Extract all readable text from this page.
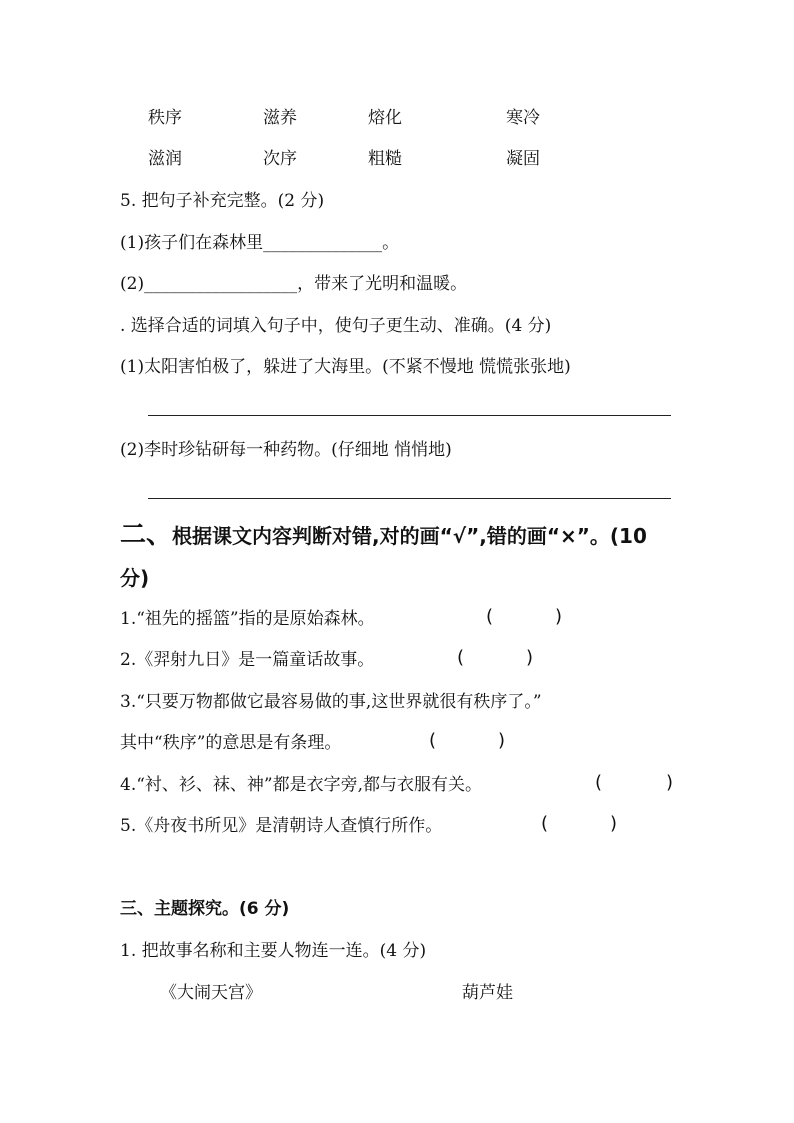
秩序	滋养	熔化	寒冷
滋润	次序	粗糙	凝固
5. 把句子补充完整。(2 分)
(1)孩子们在森林里______________。
(2)__________________，带来了光明和温暖。
. 选择合适的词填入句子中，使句子更生动、准确。(4 分)
(1)太阳害怕极了，躲进了大海里。(不紧不慢地 慌慌张张地)
(2)李时珍钻研每一种药物。(仔细地 悄悄地)
二、根据课文内容判断对错,对的画“√”,错的画“×”。(10
分)
1.“祖先的摇篮”指的是原始森林。	(	)
2.《羿射九日》是一篇童话故事。	(	)
3.“只要万物都做它最容易做的事,这世界就很有秩序了。”
其中“秩序”的意思是有条理。	(	)
4.“衬、衫、袜、神”都是衣字旁,都与衣服有关。	(	)
5.《舟夜书所见》是清朝诗人查慎行所作。	(	)
三、主题探究。(6 分)
1. 把故事名称和主要人物连一连。(4 分)
《大闹天宫》	葫芦娃
